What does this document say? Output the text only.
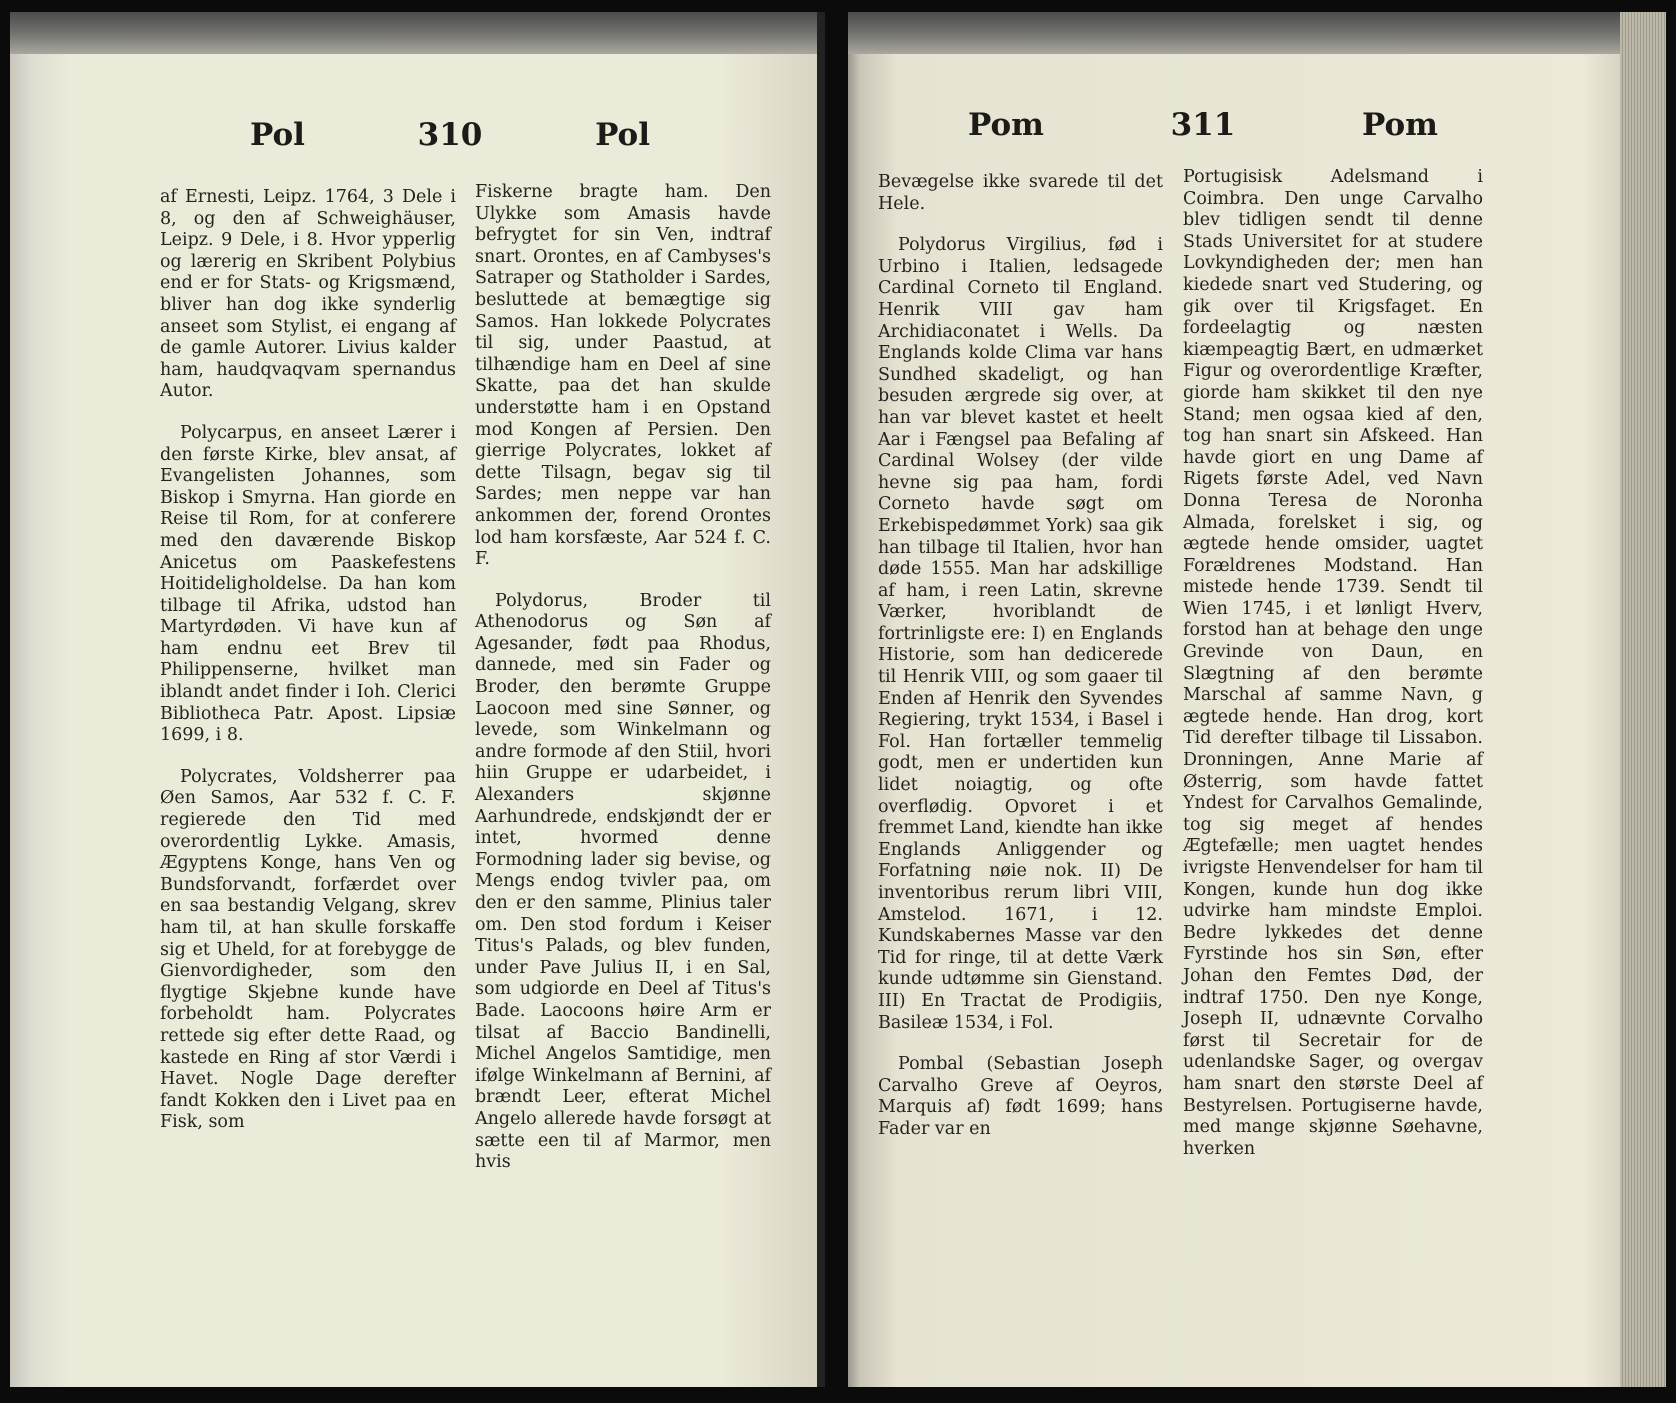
Pol	310	Pol

af Ernesti, Leipz. 1764, 3 Dele i 8, og den af Schweighäuser, Leipz. 9 Dele, i 8. Hvor ypperlig og lærerig en Skribent Polybius end er for Stats- og Krigsmænd, bliver han dog ikke synderlig anseet som Stylist, ei engang af de gamle Autorer. Livius kalder ham, haudqvaqvam spernandus Autor.

Polycarpus, en anseet Lærer i den første Kirke, blev ansat, af Evangelisten Johannes, som Biskop i Smyrna. Han giorde en Reise til Rom, for at conferere med den daværende Biskop Anicetus om Paaskefestens Hoitideligholdelse. Da han kom tilbage til Afrika, udstod han Martyrdøden. Vi have kun af ham endnu eet Brev til Philippenserne, hvilket man iblandt andet finder i Ioh. Clerici Bibliotheca Patr. Apost. Lipsiæ 1699, i 8.

Polycrates, Voldsherrer paa Øen Samos, Aar 532 f. C. F. regierede den Tid med overordentlig Lykke. Amasis, Ægyptens Konge, hans Ven og Bundsforvandt, forfærdet over en saa bestandig Velgang, skrev ham til, at han skulle forskaffe sig et Uheld, for at forebygge de Gienvordigheder, som den flygtige Skjebne kunde have forbeholdt ham. Polycrates rettede sig efter dette Raad, og kastede en Ring af stor Værdi i Havet. Nogle Dage derefter fandt Kokken den i Livet paa en Fisk, som

Fiskerne bragte ham. Den Ulykke som Amasis havde befrygtet for sin Ven, indtraf snart. Orontes, en af Cambyses's Satraper og Statholder i Sardes, besluttede at bemægtige sig Samos. Han lokkede Polycrates til sig, under Paastud, at tilhændige ham en Deel af sine Skatte, paa det han skulde understøtte ham i en Opstand mod Kongen af Persien. Den gierrige Polycrates, lokket af dette Tilsagn, begav sig til Sardes; men neppe var han ankommen der, forend Orontes lod ham korsfæste, Aar 524 f. C. F.

Polydorus, Broder til Athenodorus og Søn af Agesander, født paa Rhodus, dannede, med sin Fader og Broder, den berømte Gruppe Laocoon med sine Sønner, og levede, som Winkelmann og andre formode af den Stiil, hvori hiin Gruppe er udarbeidet, i Alexanders skjønne Aarhundrede, endskjøndt der er intet, hvormed denne Formodning lader sig bevise, og Mengs endog tvivler paa, om den er den samme, Plinius taler om. Den stod fordum i Keiser Titus's Palads, og blev funden, under Pave Julius II, i en Sal, som udgiorde en Deel af Titus's Bade. Laocoons høire Arm er tilsat af Baccio Bandinelli, Michel Angelos Samtidige, men ifølge Winkelmann af Bernini, af brændt Leer, efterat Michel Angelo allerede havde forsøgt at sætte een til af Marmor, men hvis

Pom	311	Pom

Bevægelse ikke svarede til det Hele.

Polydorus Virgilius, fød i Urbino i Italien, ledsagede Cardinal Corneto til England. Henrik VIII gav ham Archidiaconatet i Wells. Da Englands kolde Clima var hans Sundhed skadeligt, og han besuden ærgrede sig over, at han var blevet kastet et heelt Aar i Fængsel paa Befaling af Cardinal Wolsey (der vilde hevne sig paa ham, fordi Corneto havde søgt om Erkebispedømmet York) saa gik han tilbage til Italien, hvor han døde 1555. Man har adskillige af ham, i reen Latin, skrevne Værker, hvoriblandt de fortrinligste ere: I) en Englands Historie, som han dedicerede til Henrik VIII, og som gaaer til Enden af Henrik den Syvendes Regiering, trykt 1534, i Basel i Fol. Han fortæller temmelig godt, men er undertiden kun lidet noiagtig, og ofte overflødig. Opvoret i et fremmet Land, kiendte han ikke Englands Anliggender og Forfatning nøie nok. II) De inventoribus rerum libri VIII, Amstelod. 1671, i 12. Kundskabernes Masse var den Tid for ringe, til at dette Værk kunde udtømme sin Gienstand. III) En Tractat de Prodigiis, Basileæ 1534, i Fol.

Pombal (Sebastian Joseph Carvalho Greve af Oeyros, Marquis af) født 1699; hans Fader var en

Portugisisk Adelsmand i Coimbra. Den unge Carvalho blev tidligen sendt til denne Stads Universitet for at studere Lovkyndigheden der; men han kiedede snart ved Studering, og gik over til Krigsfaget. En fordeelagtig og næsten kiæmpeagtig Bært, en udmærket Figur og overordentlige Kræfter, giorde ham skikket til den nye Stand; men ogsaa kied af den, tog han snart sin Afskeed. Han havde giort en ung Dame af Rigets første Adel, ved Navn Donna Teresa de Noronha Almada, forelsket i sig, og ægtede hende omsider, uagtet Forældrenes Modstand. Han mistede hende 1739. Sendt til Wien 1745, i et lønligt Hverv, forstod han at behage den unge Grevinde von Daun, en Slægtning af den berømte Marschal af samme Navn, g ægtede hende. Han drog, kort Tid derefter tilbage til Lissabon. Dronningen, Anne Marie af Østerrig, som havde fattet Yndest for Carvalhos Gemalinde, tog sig meget af hendes Ægtefælle; men uagtet hendes ivrigste Henvendelser for ham til Kongen, kunde hun dog ikke udvirke ham mindste Emploi. Bedre lykkedes det denne Fyrstinde hos sin Søn, efter Johan den Femtes Død, der indtraf 1750. Den nye Konge, Joseph II, udnævnte Corvalho først til Secretair for de udenlandske Sager, og overgav ham snart den største Deel af Bestyrelsen. Portugiserne havde, med mange skjønne Søehavne, hverken
